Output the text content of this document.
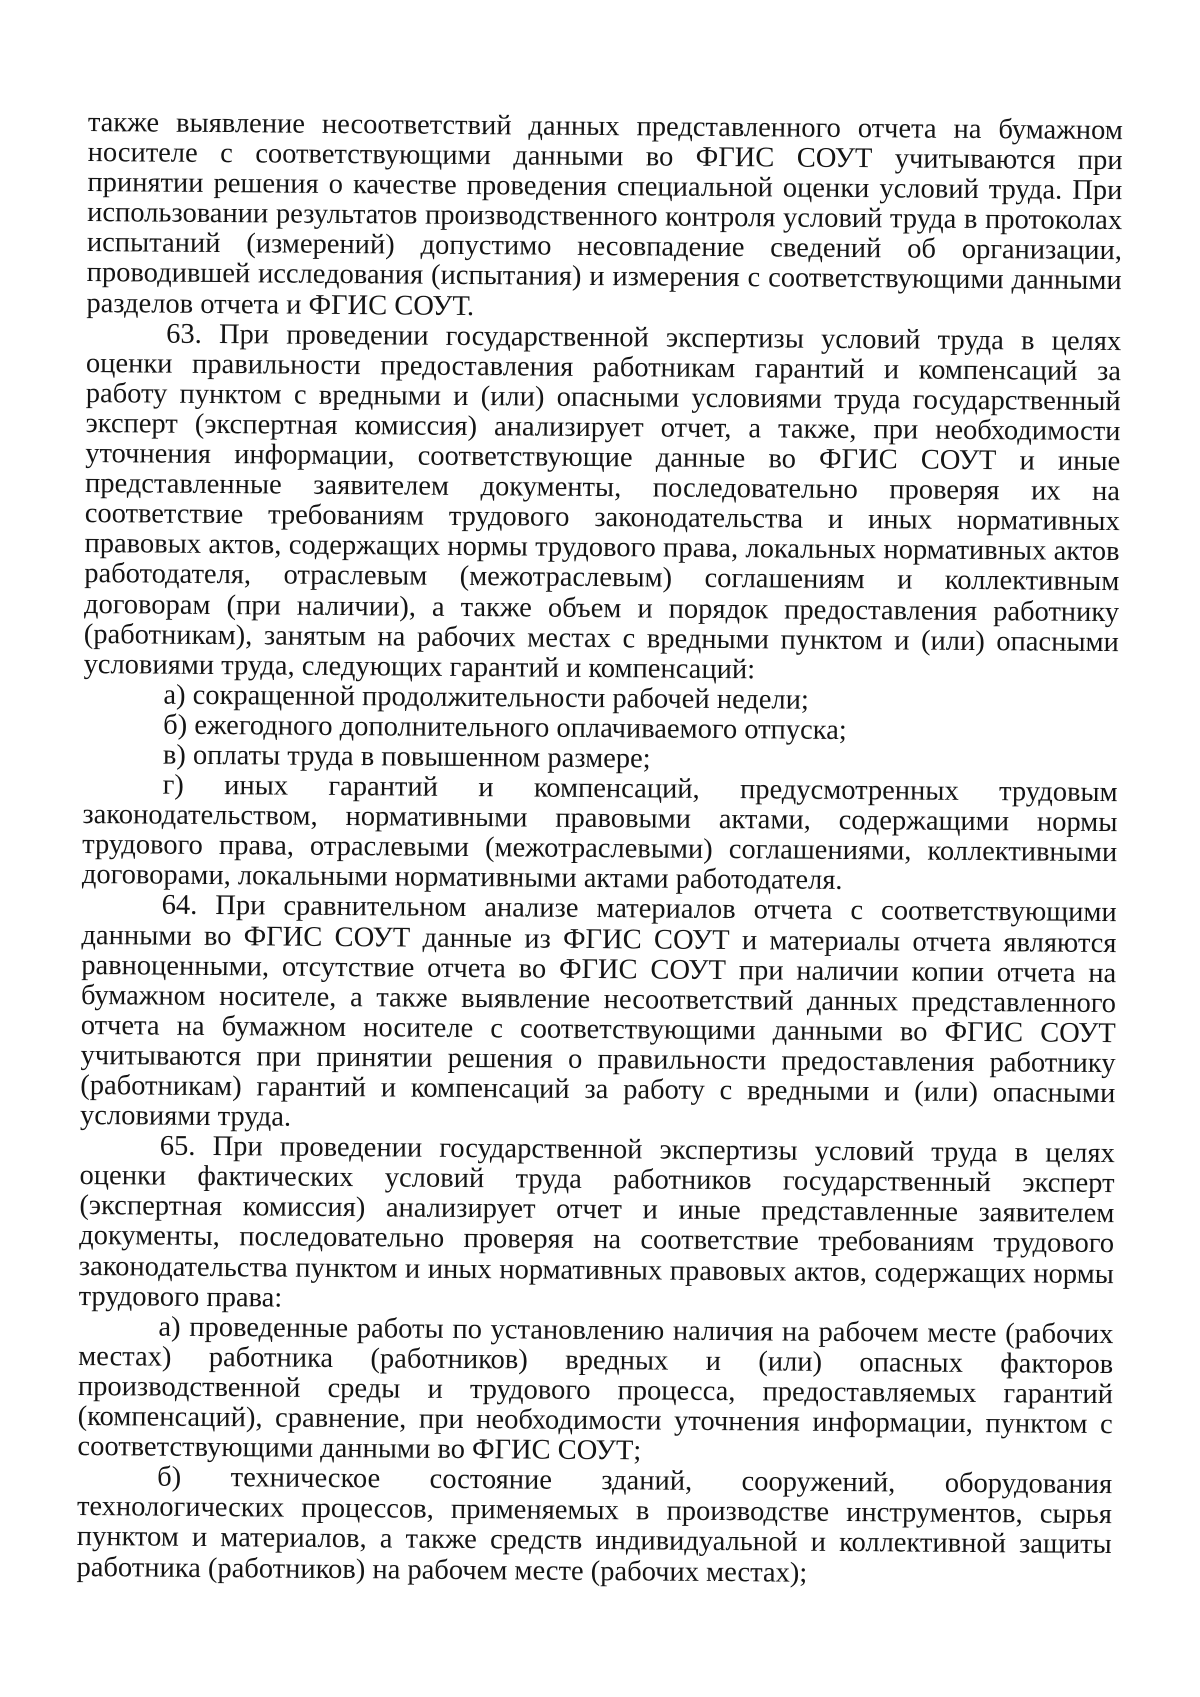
также выявление несоответствий данных представленного отчета на бумажном носителе с соответствующими данными во ФГИС СОУТ учитываются при принятии решения о качестве проведения специальной оценки условий труда. При использовании результатов производственного контроля условий труда в протоколах испытаний (измерений) допустимо несовпадение сведений об организации, проводившей исследования (испытания) и измерения с соответствующими данными разделов отчета и ФГИС СОУТ.

63. При проведении государственной экспертизы условий труда в целях оценки правильности предоставления работникам гарантий и компенсаций за работу пунктом с вредными и (или) опасными условиями труда государственный эксперт (экспертная комиссия) анализирует отчет, а также, при необходимости уточнения информации, соответствующие данные во ФГИС СОУТ и иные представленные заявителем документы, последовательно проверяя их на соответствие требованиям трудового законодательства и иных нормативных правовых актов, содержащих нормы трудового права, локальных нормативных актов работодателя, отраслевым (межотраслевым) соглашениям и коллективным договорам (при наличии), а также объем и порядок предоставления работнику (работникам), занятым на рабочих местах с вредными пунктом и (или) опасными условиями труда, следующих гарантий и компенсаций:

а) сокращенной продолжительности рабочей недели;

б) ежегодного дополнительного оплачиваемого отпуска;

в) оплаты труда в повышенном размере;

г) иных гарантий и компенсаций, предусмотренных трудовым законодательством, нормативными правовыми актами, содержащими нормы трудового права, отраслевыми (межотраслевыми) соглашениями, коллективными договорами, локальными нормативными актами работодателя.

64. При сравнительном анализе материалов отчета с соответствующими данными во ФГИС СОУТ данные из ФГИС СОУТ и материалы отчета являются равноценными, отсутствие отчета во ФГИС СОУТ при наличии копии отчета на бумажном носителе, а также выявление несоответствий данных представленного отчета на бумажном носителе с соответствующими данными во ФГИС СОУТ учитываются при принятии решения о правильности предоставления работнику (работникам) гарантий и компенсаций за работу с вредными и (или) опасными условиями труда.

65. При проведении государственной экспертизы условий труда в целях оценки фактических условий труда работников государственный эксперт (экспертная комиссия) анализирует отчет и иные представленные заявителем документы, последовательно проверяя на соответствие требованиям трудового законодательства пунктом и иных нормативных правовых актов, содержащих нормы трудового права:

а) проведенные работы по установлению наличия на рабочем месте (рабочих местах) работника (работников) вредных и (или) опасных факторов производственной среды и трудового процесса, предоставляемых гарантий (компенсаций), сравнение, при необходимости уточнения информации, пунктом с соответствующими данными во ФГИС СОУТ;

б) техническое состояние зданий, сооружений, оборудования технологических процессов, применяемых в производстве инструментов, сырья пунктом и материалов, а также средств индивидуальной и коллективной защиты работника (работников) на рабочем месте (рабочих местах);
